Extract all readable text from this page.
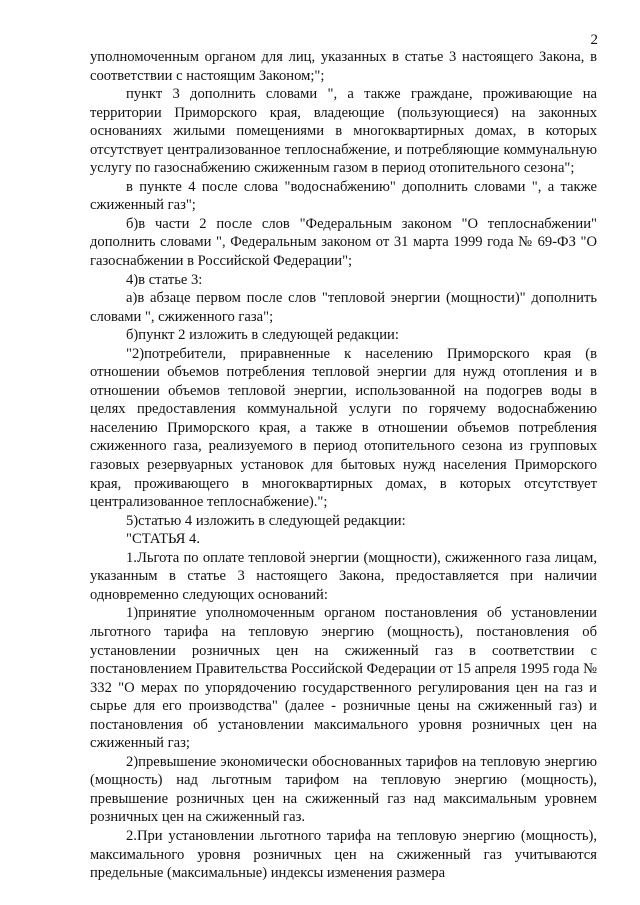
2

уполномоченным органом для лиц, указанных в статье 3 настоящего Закона, в соответствии с настоящим Законом;";

пункт 3 дополнить словами ", а также граждане, проживающие на территории Приморского края, владеющие (пользующиеся) на законных основаниях жилыми помещениями в многоквартирных домах, в которых отсутствует централизованное теплоснабжение, и потребляющие коммунальную услугу по газоснабжению сжиженным газом в период отопительного сезона";

в пункте 4 после слова "водоснабжению" дополнить словами ", а также сжиженный газ";

б)в части 2 после слов "Федеральным законом "О теплоснабжении" дополнить словами ", Федеральным законом от 31 марта 1999 года № 69-ФЗ "О газоснабжении в Российской Федерации";

4)в статье 3:

а)в абзаце первом после слов "тепловой энергии (мощности)" дополнить словами ", сжиженного газа";

б)пункт 2 изложить в следующей редакции:

"2)потребители, приравненные к населению Приморского края (в отношении объемов потребления тепловой энергии для нужд отопления и в отношении объемов тепловой энергии, использованной на подогрев воды в целях предоставления коммунальной услуги по горячему водоснабжению населению Приморского края, а также в отношении объемов потребления сжиженного газа, реализуемого в период отопительного сезона из групповых газовых резервуарных установок для бытовых нужд населения Приморского края, проживающего в многоквартирных домах, в которых отсутствует централизованное теплоснабжение).";

5)статью 4 изложить в следующей редакции:

"СТАТЬЯ 4.

1.Льгота по оплате тепловой энергии (мощности), сжиженного газа лицам, указанным в статье 3 настоящего Закона, предоставляется при наличии одновременно следующих оснований:

1)принятие уполномоченным органом постановления об установлении льготного тарифа на тепловую энергию (мощность), постановления об установлении розничных цен на сжиженный газ в соответствии с постановлением Правительства Российской Федерации от 15 апреля 1995 года № 332 "О мерах по упорядочению государственного регулирования цен на газ и сырье для его производства" (далее - розничные цены на сжиженный газ) и постановления об установлении максимального уровня розничных цен на сжиженный газ;

2)превышение экономически обоснованных тарифов на тепловую энергию (мощность) над льготным тарифом на тепловую энергию (мощность), превышение розничных цен на сжиженный газ над максимальным уровнем розничных цен на сжиженный газ.

2.При установлении льготного тарифа на тепловую энергию (мощность), максимального уровня розничных цен на сжиженный газ учитываются предельные (максимальные) индексы изменения размера
